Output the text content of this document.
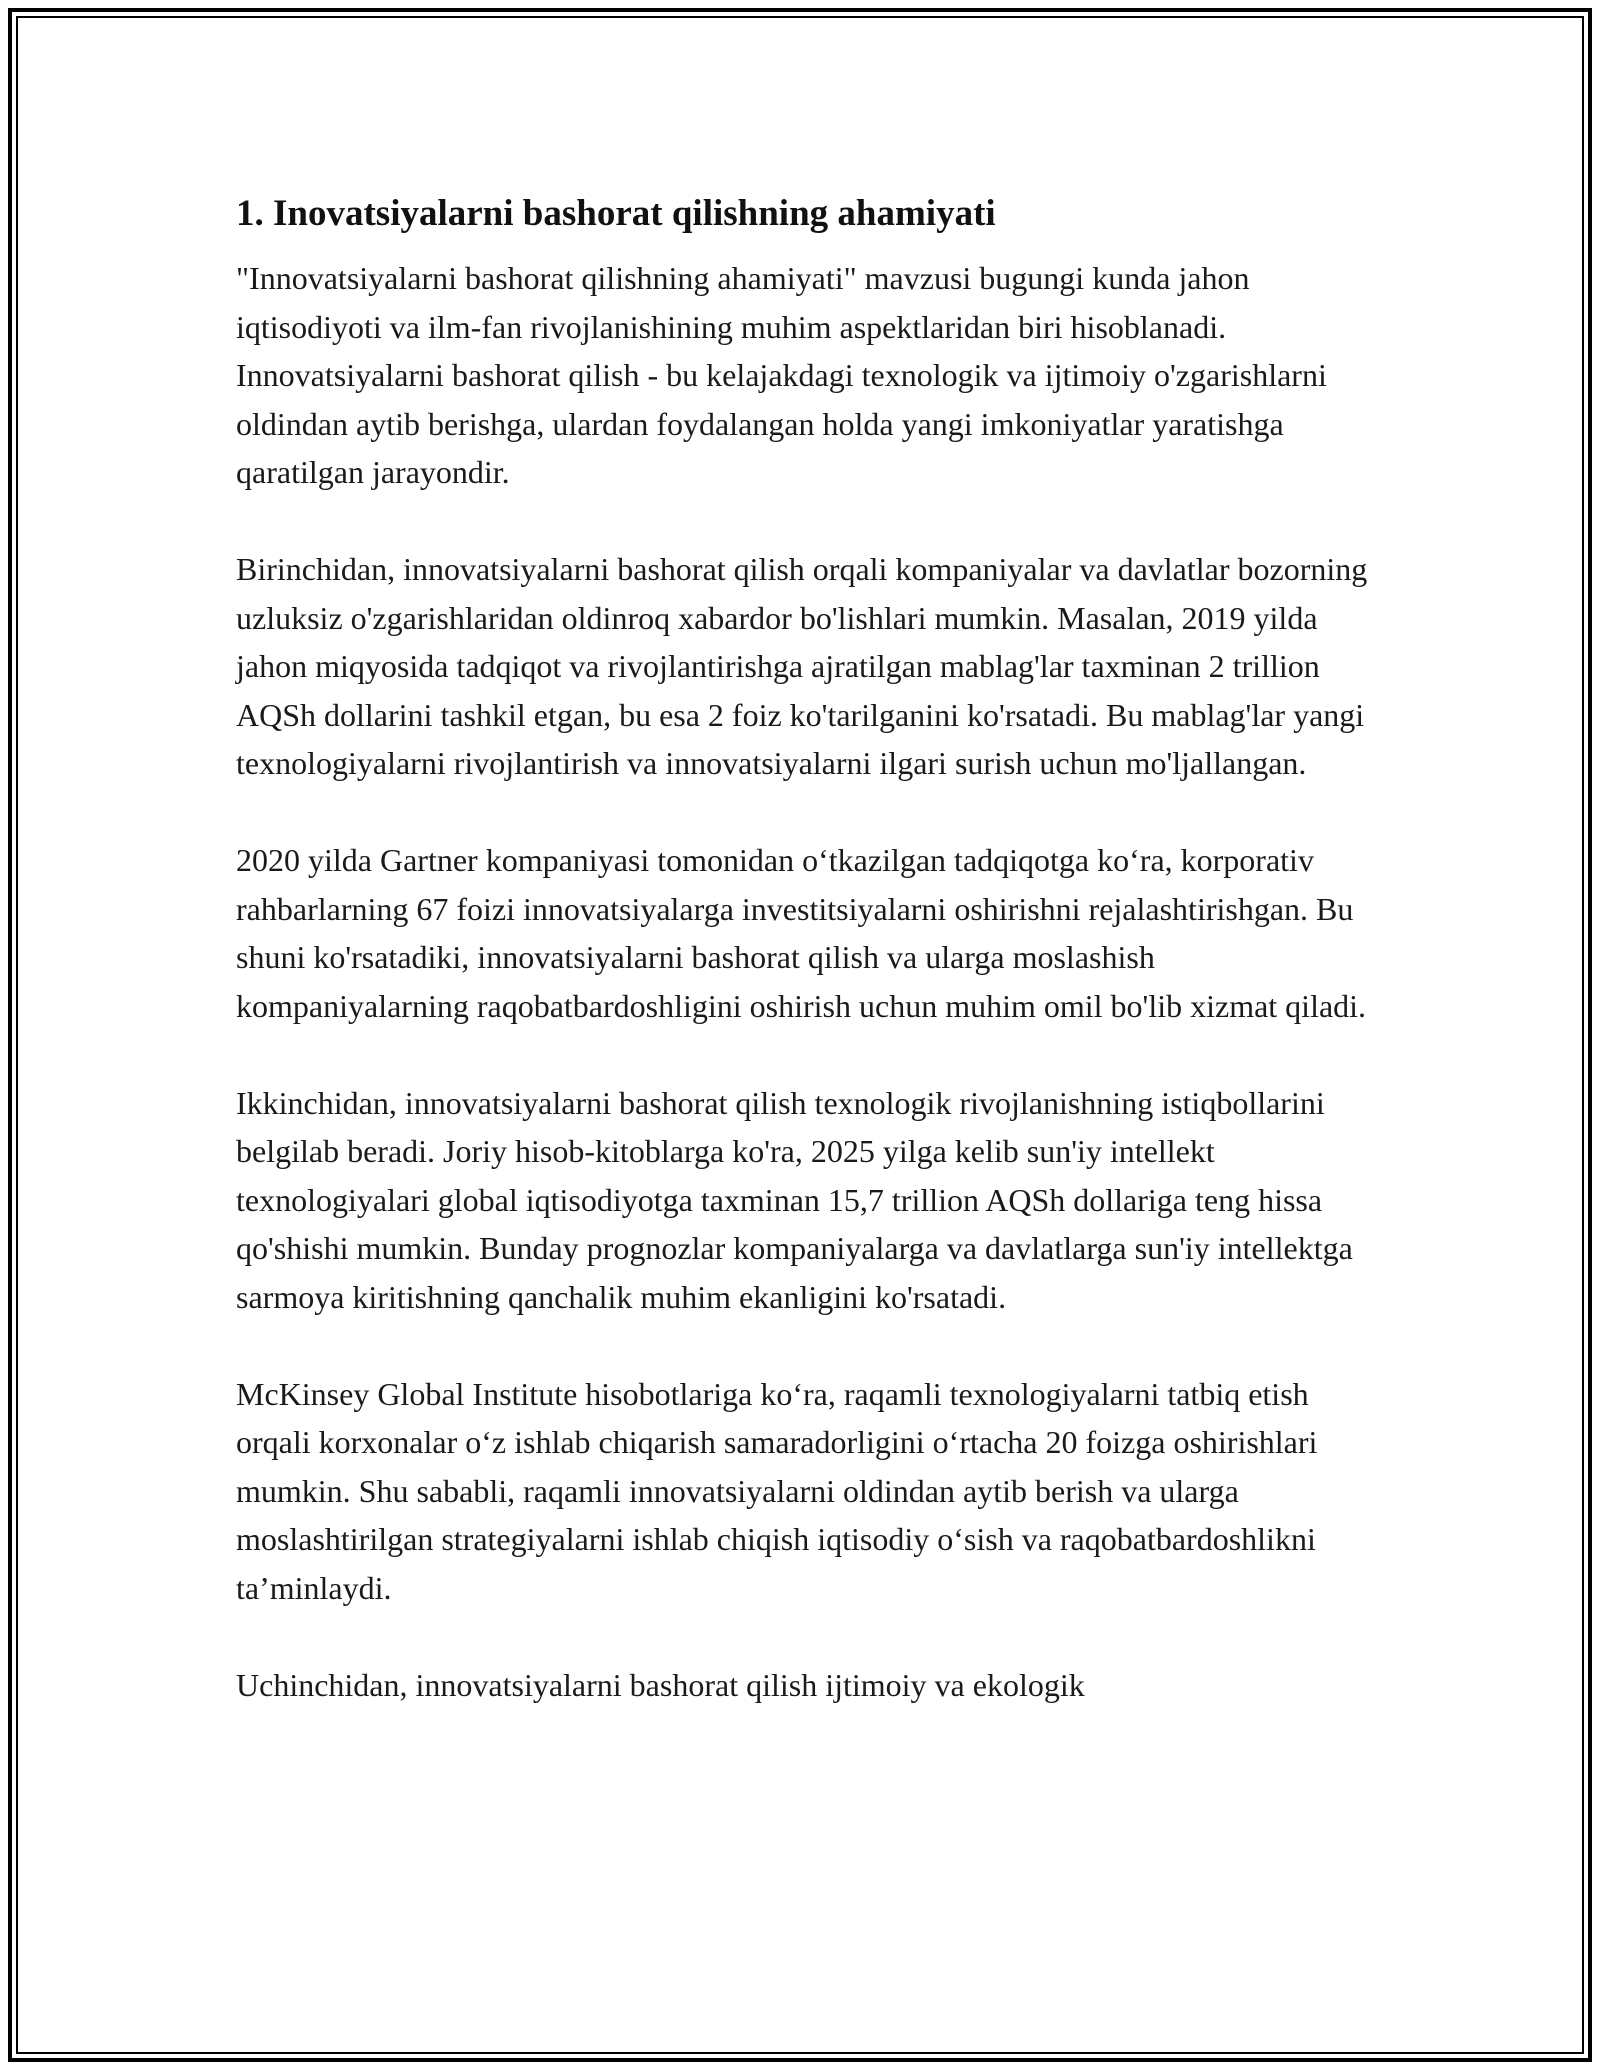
1. Inovatsiyalarni bashorat qilishning ahamiyati

"Innovatsiyalarni bashorat qilishning ahamiyati" mavzusi bugungi kunda jahon iqtisodiyoti va ilm-fan rivojlanishining muhim aspektlaridan biri hisoblanadi. Innovatsiyalarni bashorat qilish - bu kelajakdagi texnologik va ijtimoiy o'zgarishlarni oldindan aytib berishga, ulardan foydalangan holda yangi imkoniyatlar yaratishga qaratilgan jarayondir.

Birinchidan, innovatsiyalarni bashorat qilish orqali kompaniyalar va davlatlar bozorning uzluksiz o'zgarishlaridan oldinroq xabardor bo'lishlari mumkin. Masalan, 2019 yilda jahon miqyosida tadqiqot va rivojlantirishga ajratilgan mablag'lar taxminan 2 trillion AQSh dollarini tashkil etgan, bu esa 2 foiz ko'tarilganini ko'rsatadi. Bu mablag'lar yangi texnologiyalarni rivojlantirish va innovatsiyalarni ilgari surish uchun mo'ljallangan.

2020 yilda Gartner kompaniyasi tomonidan o‘tkazilgan tadqiqotga ko‘ra, korporativ rahbarlarning 67 foizi innovatsiyalarga investitsiyalarni oshirishni rejalashtirishgan. Bu shuni ko'rsatadiki, innovatsiyalarni bashorat qilish va ularga moslashish kompaniyalarning raqobatbardoshligini oshirish uchun muhim omil bo'lib xizmat qiladi.

Ikkinchidan, innovatsiyalarni bashorat qilish texnologik rivojlanishning istiqbollarini belgilab beradi. Joriy hisob-kitoblarga ko'ra, 2025 yilga kelib sun'iy intellekt texnologiyalari global iqtisodiyotga taxminan 15,7 trillion AQSh dollariga teng hissa qo'shishi mumkin. Bunday prognozlar kompaniyalarga va davlatlarga sun'iy intellektga sarmoya kiritishning qanchalik muhim ekanligini ko'rsatadi.

McKinsey Global Institute hisobotlariga ko‘ra, raqamli texnologiyalarni tatbiq etish orqali korxonalar o‘z ishlab chiqarish samaradorligini o‘rtacha 20 foizga oshirishlari mumkin. Shu sababli, raqamli innovatsiyalarni oldindan aytib berish va ularga moslashtirilgan strategiyalarni ishlab chiqish iqtisodiy o‘sish va raqobatbardoshlikni ta’minlaydi.

Uchinchidan, innovatsiyalarni bashorat qilish ijtimoiy va ekologik
